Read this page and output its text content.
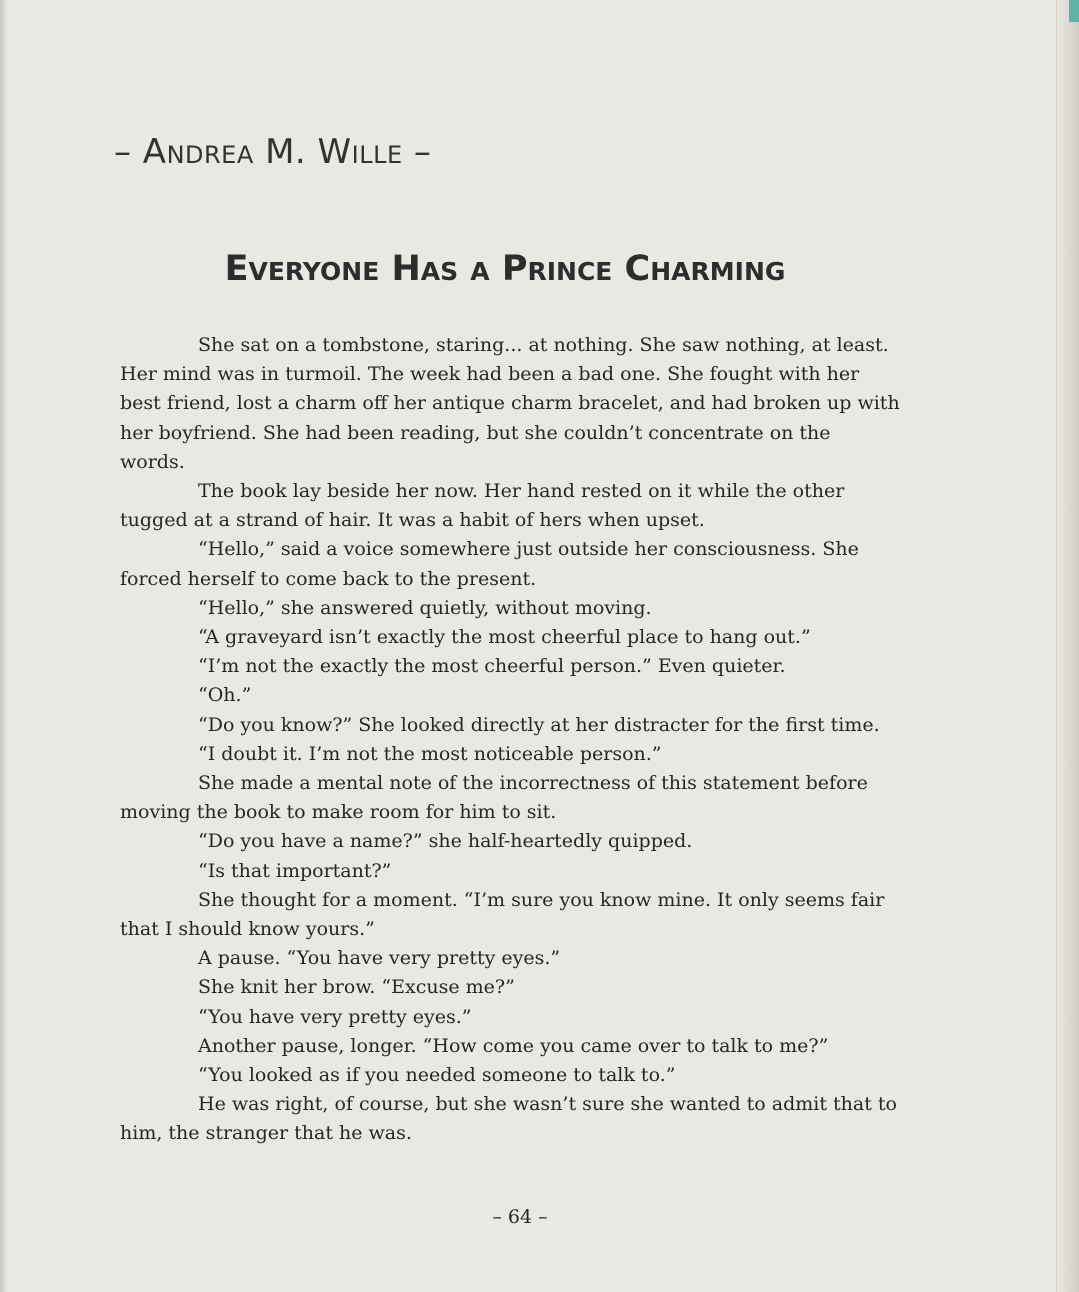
– Andrea M. Wille –
Everyone Has a Prince Charming

She sat on a tombstone, staring... at nothing. She saw nothing, at least. Her mind was in turmoil. The week had been a bad one. She fought with her best friend, lost a charm off her antique charm bracelet, and had broken up with her boyfriend. She had been reading, but she couldn’t concentrate on the words.

The book lay beside her now. Her hand rested on it while the other tugged at a strand of hair. It was a habit of hers when upset.

“Hello,” said a voice somewhere just outside her consciousness. She forced herself to come back to the present.

“Hello,” she answered quietly, without moving.

“A graveyard isn’t exactly the most cheerful place to hang out.”

“I’m not the exactly the most cheerful person.” Even quieter.

“Oh.”

“Do you know?” She looked directly at her distracter for the first time.

“I doubt it. I’m not the most noticeable person.”

She made a mental note of the incorrectness of this statement before moving the book to make room for him to sit.

“Do you have a name?” she half-heartedly quipped.

“Is that important?”

She thought for a moment. “I’m sure you know mine. It only seems fair that I should know yours.”

A pause. “You have very pretty eyes.”

She knit her brow. “Excuse me?”

“You have very pretty eyes.”

Another pause, longer. “How come you came over to talk to me?”

“You looked as if you needed someone to talk to.”

He was right, of course, but she wasn’t sure she wanted to admit that to him, the stranger that he was.

– 64 –
